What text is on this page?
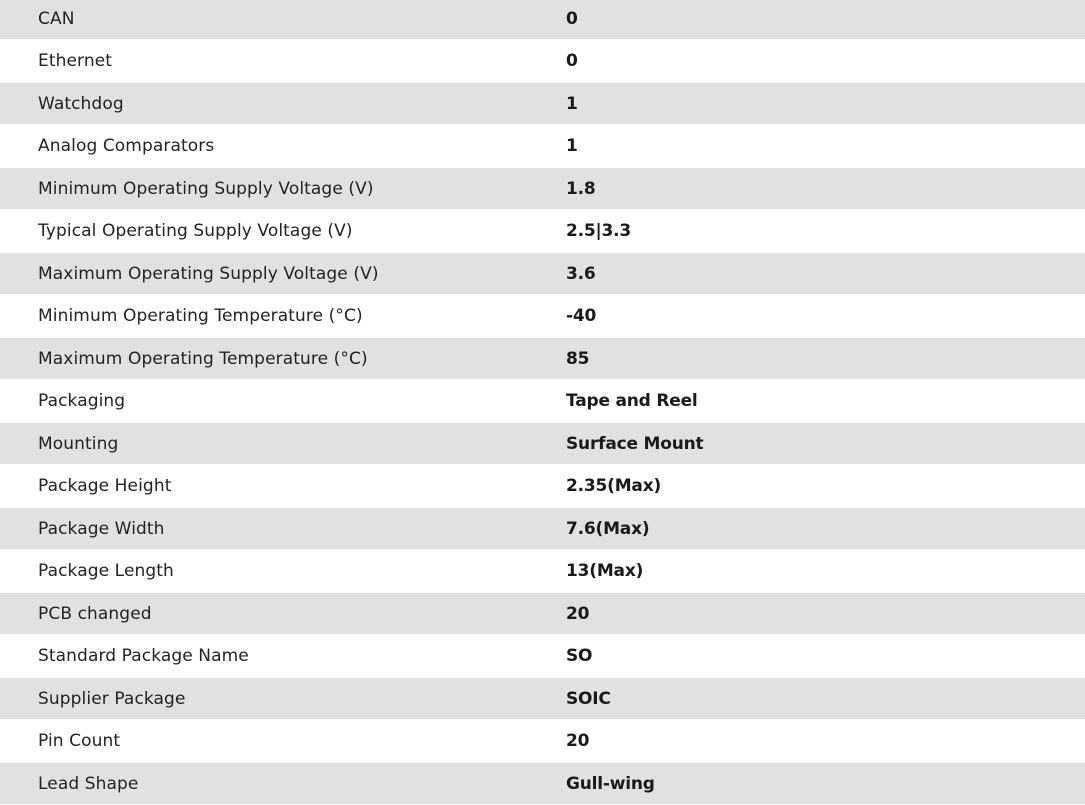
CAN	0
Ethernet	0
Watchdog	1
Analog Comparators	1
Minimum Operating Supply Voltage (V)	1.8
Typical Operating Supply Voltage (V)	2.5|3.3
Maximum Operating Supply Voltage (V)	3.6
Minimum Operating Temperature (°C)	-40
Maximum Operating Temperature (°C)	85
Packaging	Tape and Reel
Mounting	Surface Mount
Package Height	2.35(Max)
Package Width	7.6(Max)
Package Length	13(Max)
PCB changed	20
Standard Package Name	SO
Supplier Package	SOIC
Pin Count	20
Lead Shape	Gull-wing
